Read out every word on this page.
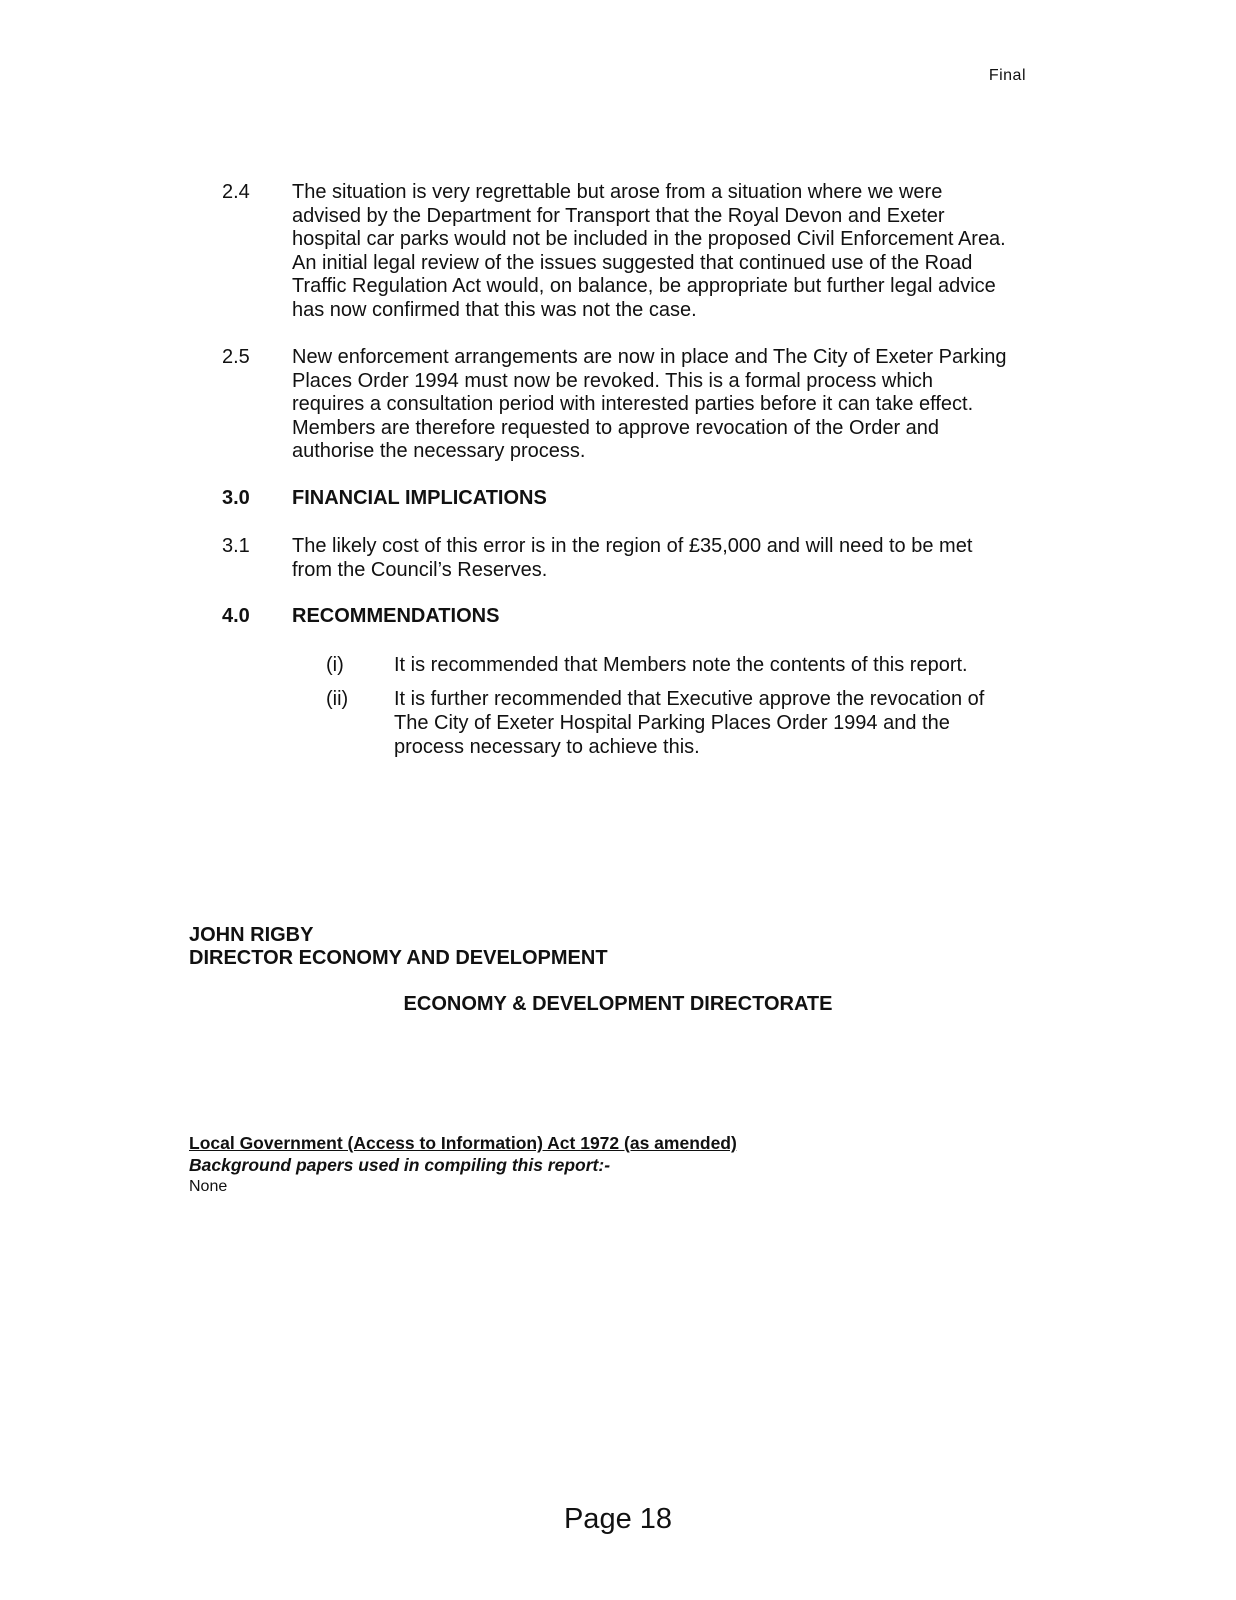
Final
2.4 The situation is very regrettable but arose from a situation where we were
advised by the Department for Transport that the Royal Devon and Exeter
hospital car parks would not be included in the proposed Civil Enforcement Area.
An initial legal review of the issues suggested that continued use of the Road
Traffic Regulation Act would, on balance, be appropriate but further legal advice
has now confirmed that this was not the case.
2.5 New enforcement arrangements are now in place and The City of Exeter Parking
Places Order 1994 must now be revoked. This is a formal process which
requires a consultation period with interested parties before it can take effect.
Members are therefore requested to approve revocation of the Order and
authorise the necessary process.
3.0 FINANCIAL IMPLICATIONS
3.1 The likely cost of this error is in the region of £35,000 and will need to be met
from the Council’s Reserves.
4.0 RECOMMENDATIONS
(i)	It is recommended that Members note the contents of this report.
(ii) It is further recommended that Executive approve the revocation of
The City of Exeter Hospital Parking Places Order 1994 and the
process necessary to achieve this.
JOHN RIGBY
DIRECTOR ECONOMY AND DEVELOPMENT
ECONOMY & DEVELOPMENT DIRECTORATE
Local Government (Access to Information) Act 1972 (as amended)
Background papers used in compiling this report:-
None
Page 18
